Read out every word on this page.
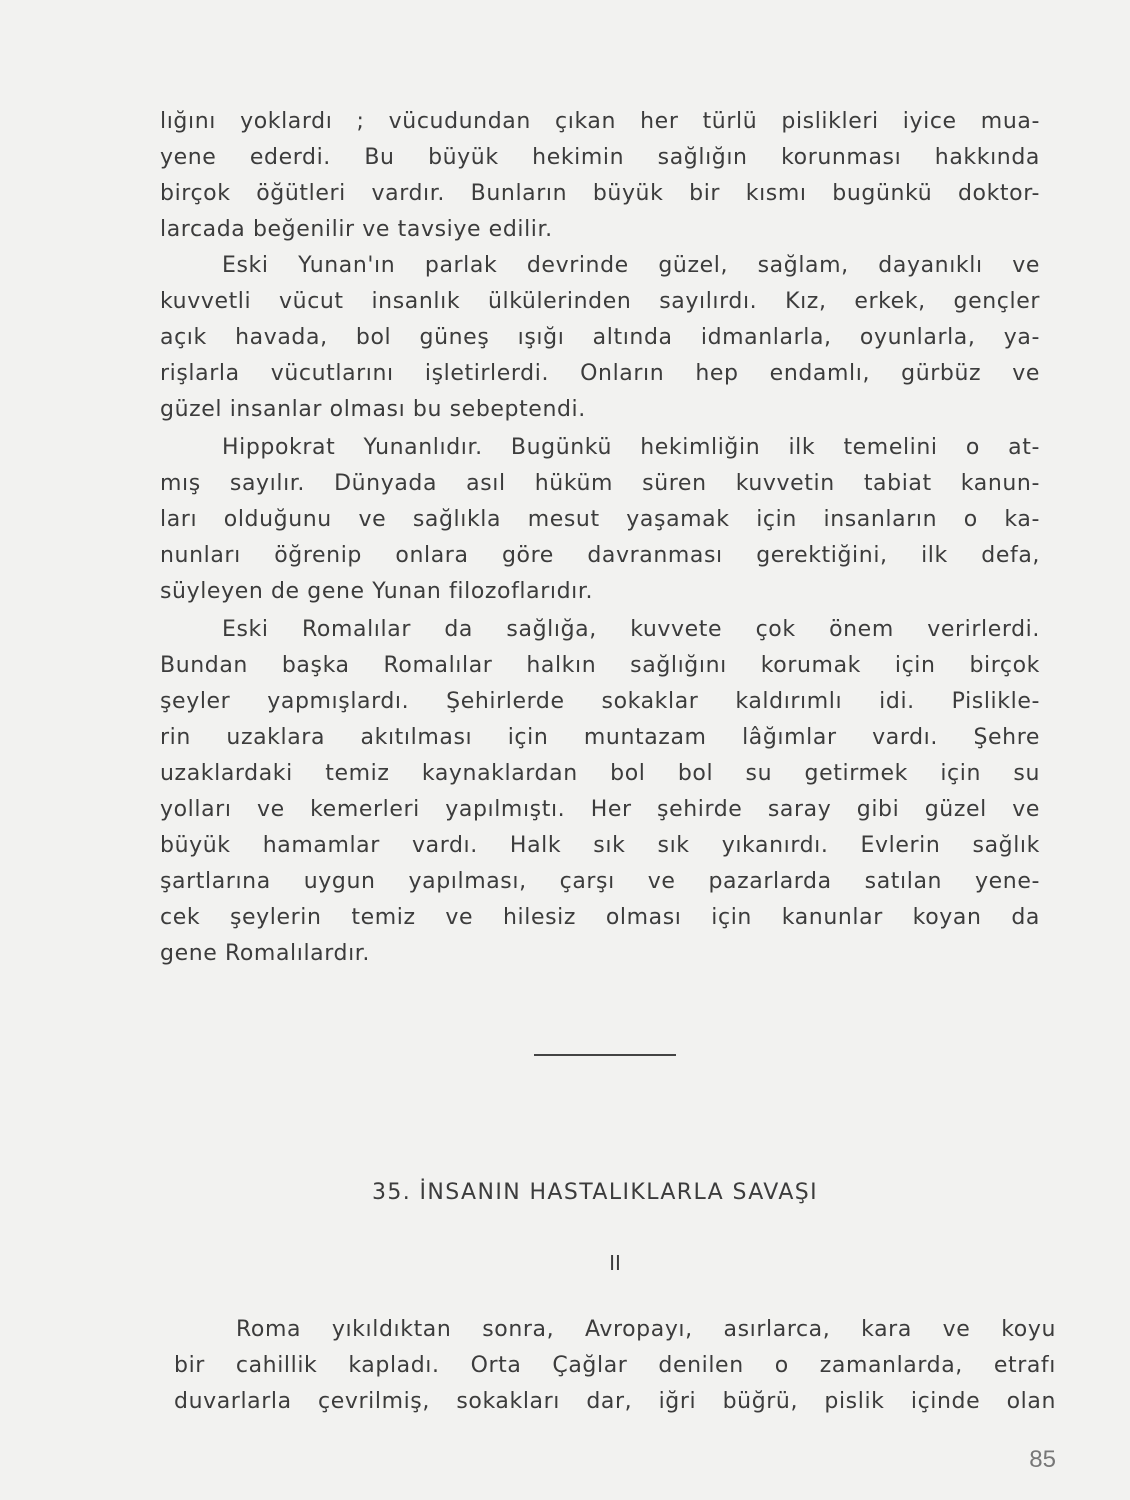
lığını yoklardı ; vücudundan çıkan her türlü pislikleri iyice mua-
yene ederdi. Bu büyük hekimin sağlığın korunması hakkında
birçok öğütleri vardır. Bunların büyük bir kısmı bugünkü doktor-
larcada beğenilir ve tavsiye edilir.
Eski Yunan'ın parlak devrinde güzel, sağlam, dayanıklı ve
kuvvetli vücut insanlık ülkülerinden sayılırdı. Kız, erkek, gençler
açık havada, bol güneş ışığı altında idmanlarla, oyunlarla, ya-
rişlarla vücutlarını işletirlerdi. Onların hep endamlı, gürbüz ve
güzel insanlar olması bu sebeptendi.
Hippokrat Yunanlıdır. Bugünkü hekimliğin ilk temelini o at-
mış sayılır. Dünyada asıl hüküm süren kuvvetin tabiat kanun-
ları olduğunu ve sağlıkla mesut yaşamak için insanların o ka-
nunları öğrenip onlara göre davranması gerektiğini, ilk defa,
süyleyen de gene Yunan filozoflarıdır.
Eski Romalılar da sağlığa, kuvvete çok önem verirlerdi.
Bundan başka Romalılar halkın sağlığını korumak için birçok
şeyler yapmışlardı. Şehirlerde sokaklar kaldırımlı idi. Pislikle-
rin uzaklara akıtılması için muntazam lâğımlar vardı. Şehre
uzaklardaki temiz kaynaklardan bol bol su getirmek için su
yolları ve kemerleri yapılmıştı. Her şehirde saray gibi güzel ve
büyük hamamlar vardı. Halk sık sık yıkanırdı. Evlerin sağlık
şartlarına uygun yapılması, çarşı ve pazarlarda satılan yene-
cek şeylerin temiz ve hilesiz olması için kanunlar koyan da
gene Romalılardır.
35. İNSANIN HASTALIKLARLA SAVAŞI
II
Roma yıkıldıktan sonra, Avropayı, asırlarca, kara ve koyu
bir cahillik kapladı. Orta Çağlar denilen o zamanlarda, etrafı
duvarlarla çevrilmiş, sokakları dar, iğri büğrü, pislik içinde olan
85
